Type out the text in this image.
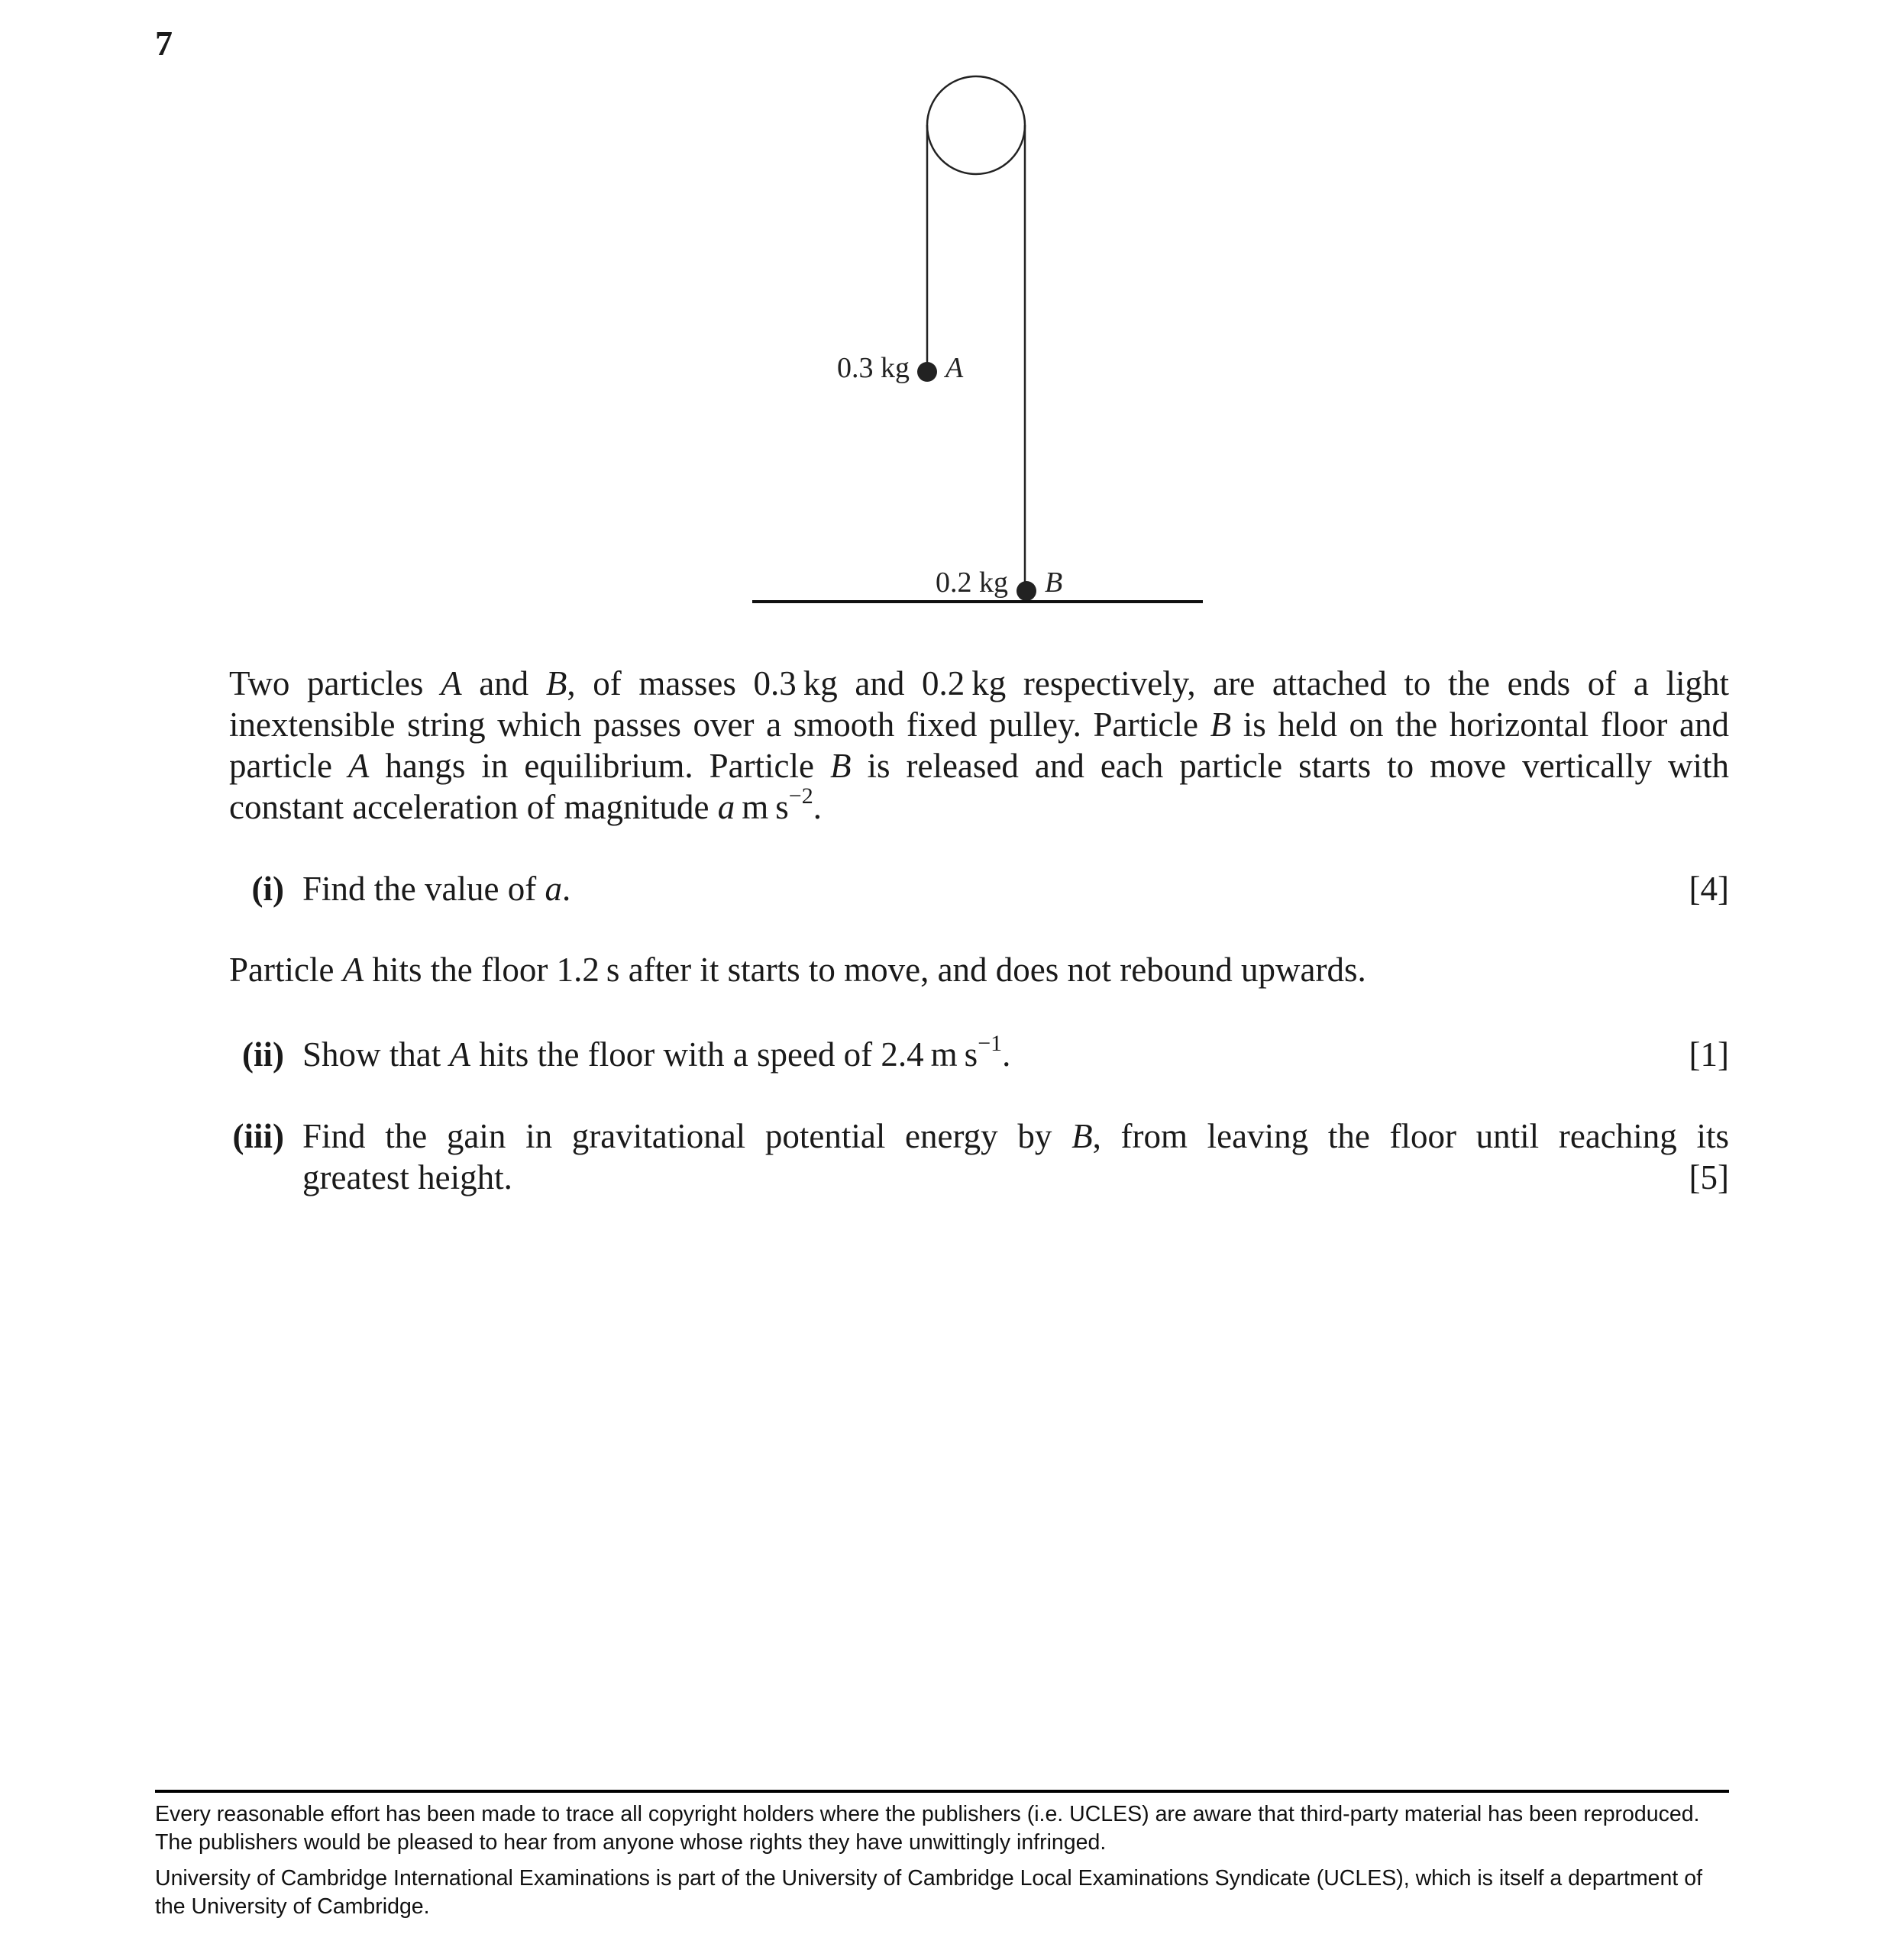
7
0.3 kg A
0.2 kg B

Two particles A and B, of masses 0.3 kg and 0.2 kg respectively, are attached to the ends of a light inextensible string which passes over a smooth fixed pulley. Particle B is held on the horizontal floor and particle A hangs in equilibrium. Particle B is released and each particle starts to move vertically with constant acceleration of magnitude a m $s^{-2}$.

(i) Find the value of a.	[4]

Particle A hits the floor 1.2 s after it starts to move, and does not rebound upwards.

(ii) Show that A hits the floor with a speed of 2.4 m $s^{-1}$.	[1]
(iii) Find the gain in gravitational potential energy by B, from leaving the floor until reaching its
greatest height.	[5]

Every reasonable effort has been made to trace all copyright holders where the publishers (i.e. UCLES) are aware that third-party material has been reproduced. The publishers would be pleased to hear from anyone whose rights they have unwittingly infringed.

University of Cambridge International Examinations is part of the University of Cambridge Local Examinations Syndicate (UCLES), which is itself a department of the University of Cambridge.
